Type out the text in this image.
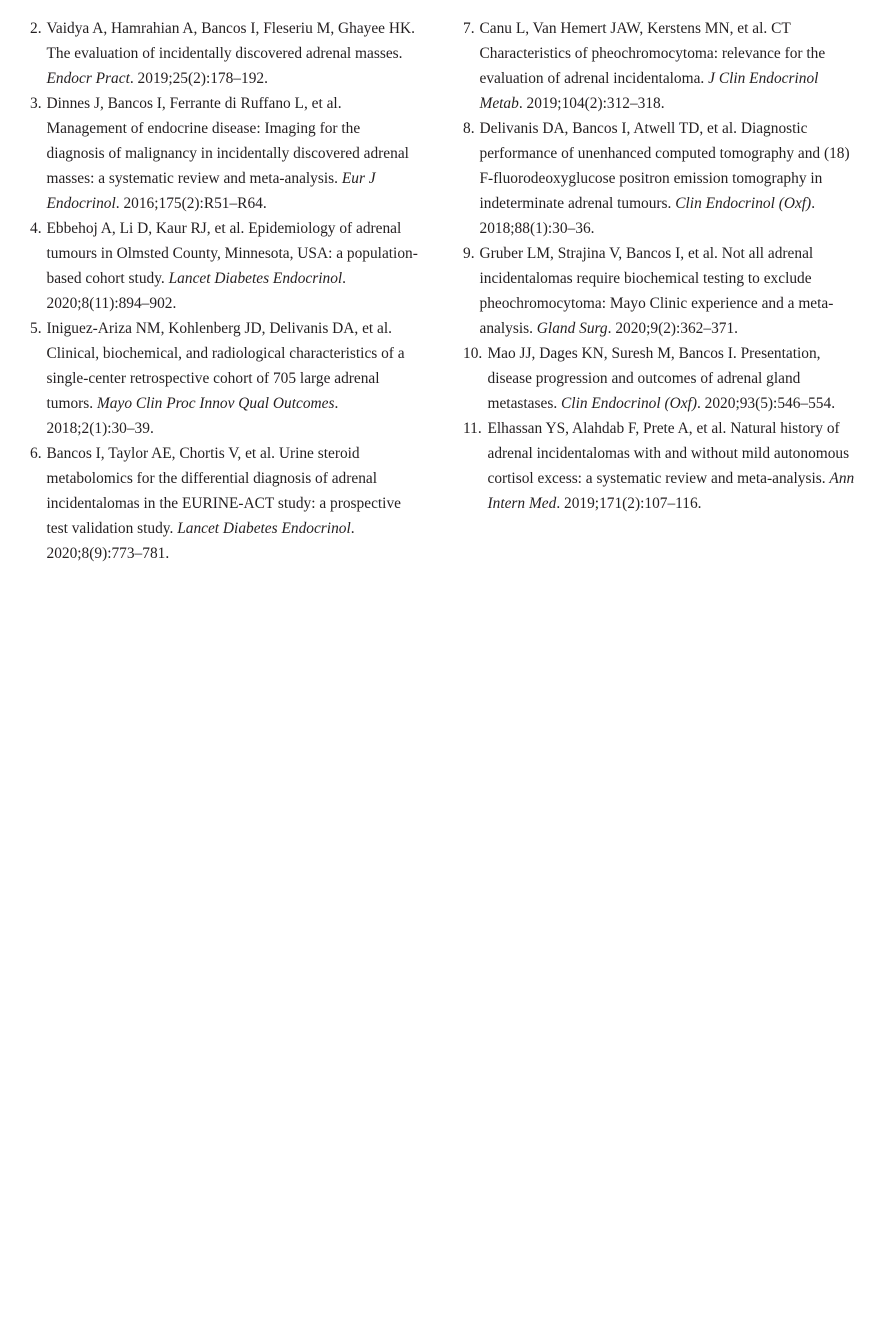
2. Vaidya A, Hamrahian A, Bancos I, Fleseriu M, Ghayee HK. The evaluation of incidentally discovered adrenal masses. Endocr Pract. 2019;25(2):178–192.

3. Dinnes J, Bancos I, Ferrante di Ruffano L, et al. Management of endocrine disease: Imaging for the diagnosis of malignancy in incidentally discovered adrenal masses: a systematic review and meta-analysis. Eur J Endocrinol. 2016;175(2):R51–R64.

4. Ebbehoj A, Li D, Kaur RJ, et al. Epidemiology of adrenal tumours in Olmsted County, Minnesota, USA: a population-based cohort study. Lancet Diabetes Endocrinol. 2020;8(11):894–902.

5. Iniguez-Ariza NM, Kohlenberg JD, Delivanis DA, et al. Clinical, biochemical, and radiological characteristics of a single-center retrospective cohort of 705 large adrenal tumors. Mayo Clin Proc Innov Qual Outcomes. 2018;2(1):30–39.

6. Bancos I, Taylor AE, Chortis V, et al. Urine steroid metabolomics for the differential diagnosis of adrenal incidentalomas in the EURINE-ACT study: a prospective test validation study. Lancet Diabetes Endocrinol. 2020;8(9):773–781.

7. Canu L, Van Hemert JAW, Kerstens MN, et al. CT Characteristics of pheochromocytoma: relevance for the evaluation of adrenal incidentaloma. J Clin Endocrinol Metab. 2019;104(2):312–318.

8. Delivanis DA, Bancos I, Atwell TD, et al. Diagnostic performance of unenhanced computed tomography and (18) F-fluorodeoxyglucose positron emission tomography in indeterminate adrenal tumours. Clin Endocrinol (Oxf). 2018;88(1):30–36.

9. Gruber LM, Strajina V, Bancos I, et al. Not all adrenal incidentalomas require biochemical testing to exclude pheochromocytoma: Mayo Clinic experience and a meta-analysis. Gland Surg. 2020;9(2):362–371.

10. Mao JJ, Dages KN, Suresh M, Bancos I. Presentation, disease progression and outcomes of adrenal gland metastases. Clin Endocrinol (Oxf). 2020;93(5):546–554.

11. Elhassan YS, Alahdab F, Prete A, et al. Natural history of adrenal incidentalomas with and without mild autonomous cortisol excess: a systematic review and meta-analysis. Ann Intern Med. 2019;171(2):107–116.
